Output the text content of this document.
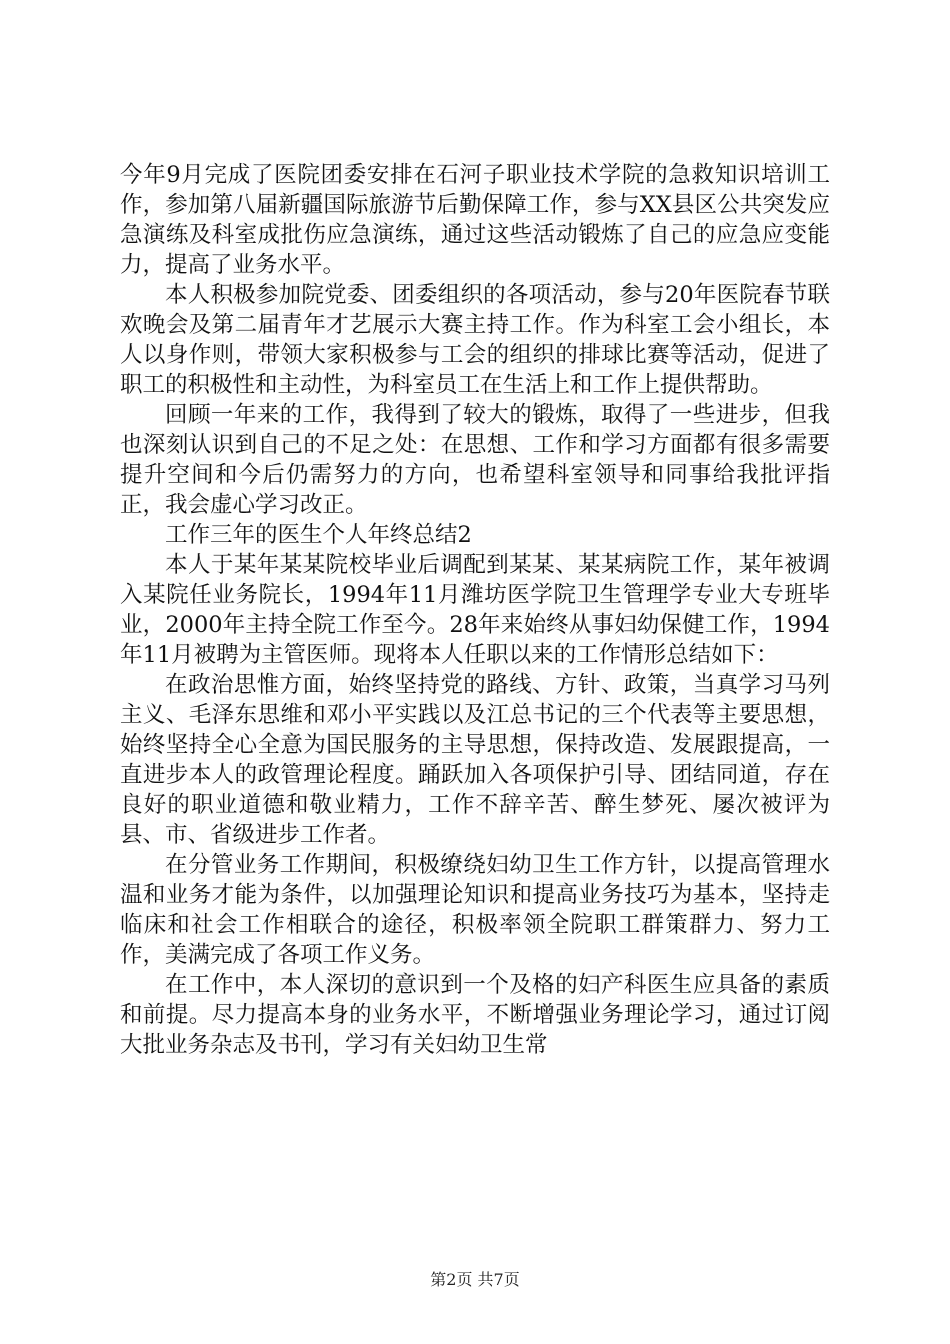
今年9月完成了医院团委安排在石河子职业技术学院的急救知识培训工作，参加第八届新疆国际旅游节后勤保障工作，参与XX县区公共突发应急演练及科室成批伤应急演练，通过这些活动锻炼了自己的应急应变能力，提高了业务水平。

本人积极参加院党委、团委组织的各项活动，参与20年医院春节联欢晚会及第二届青年才艺展示大赛主持工作。作为科室工会小组长，本人以身作则，带领大家积极参与工会的组织的排球比赛等活动，促进了职工的积极性和主动性，为科室员工在生活上和工作上提供帮助。

回顾一年来的工作，我得到了较大的锻炼，取得了一些进步，但我也深刻认识到自己的不足之处：在思想、工作和学习方面都有很多需要提升空间和今后仍需努力的方向，也希望科室领导和同事给我批评指正，我会虚心学习改正。

工作三年的医生个人年终总结2

本人于某年某某院校毕业后调配到某某、某某病院工作，某年被调入某院任业务院长，1994年11月潍坊医学院卫生管理学专业大专班毕业，2000年主持全院工作至今。28年来始终从事妇幼保健工作，1994年11月被聘为主管医师。现将本人任职以来的工作情形总结如下：

在政治思惟方面，始终坚持党的路线、方针、政策，当真学习马列主义、毛泽东思维和邓小平实践以及江总书记的三个代表等主要思想，始终坚持全心全意为国民服务的主导思想，保持改造、发展跟提高，一直进步本人的政管理论程度。踊跃加入各项保护引导、团结同道，存在良好的职业道德和敬业精力，工作不辞辛苦、醉生梦死、屡次被评为县、市、省级进步工作者。

在分管业务工作期间，积极缭绕妇幼卫生工作方针，以提高管理水温和业务才能为条件，以加强理论知识和提高业务技巧为基本，坚持走临床和社会工作相联合的途径，积极率领全院职工群策群力、努力工作，美满完成了各项工作义务。

在工作中，本人深切的意识到一个及格的妇产科医生应具备的素质和前提。尽力提高本身的业务水平，不断增强业务理论学习，通过订阅大批业务杂志及书刊，学习有关妇幼卫生常

第2页 共7页
